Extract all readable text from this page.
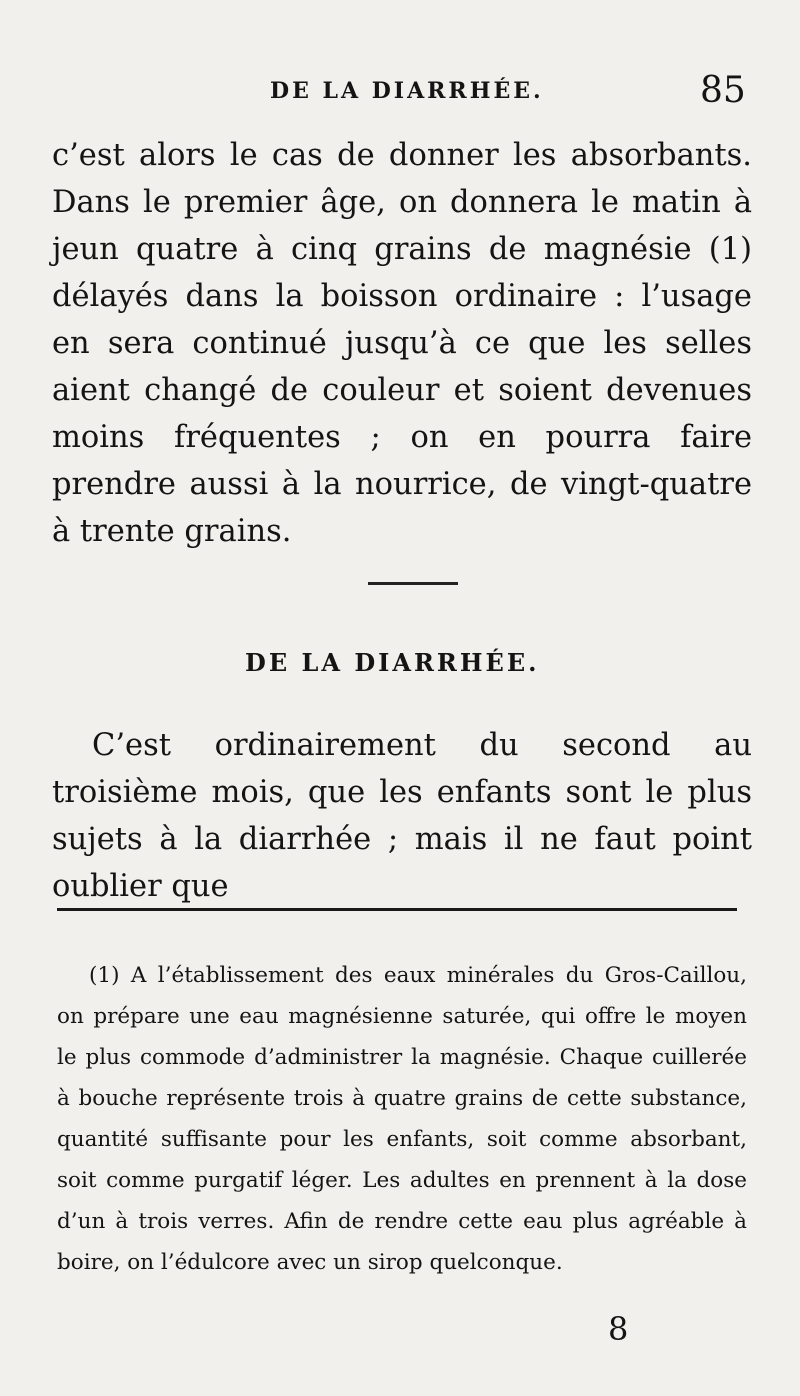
DE LA DIARRHÉE.	85
c’est alors le cas de donner les absorbants. Dans le premier âge, on donnera le matin à jeun quatre à cinq grains de magnésie (1) délayés dans la boisson ordinaire : l’usage en sera continué jusqu’à ce que les selles aient changé de couleur et soient devenues moins fréquentes ; on en pourra faire prendre aussi à la nourrice, de vingt-quatre à trente grains.
DE LA DIARRHÉE.
C’est ordinairement du second au troisième mois, que les enfants sont le plus sujets à la diarrhée ; mais il ne faut point oublier que
(1) A l’établissement des eaux minérales du Gros-Caillou, on prépare une eau magnésienne saturée, qui offre le moyen le plus commode d’administrer la magnésie. Chaque cuillerée à bouche représente trois à quatre grains de cette substance, quantité suffisante pour les enfants, soit comme absorbant, soit comme purgatif léger. Les adultes en prennent à la dose d’un à trois verres. Afin de rendre cette eau plus agréable à boire, on l’édulcore avec un sirop quelconque.
8
